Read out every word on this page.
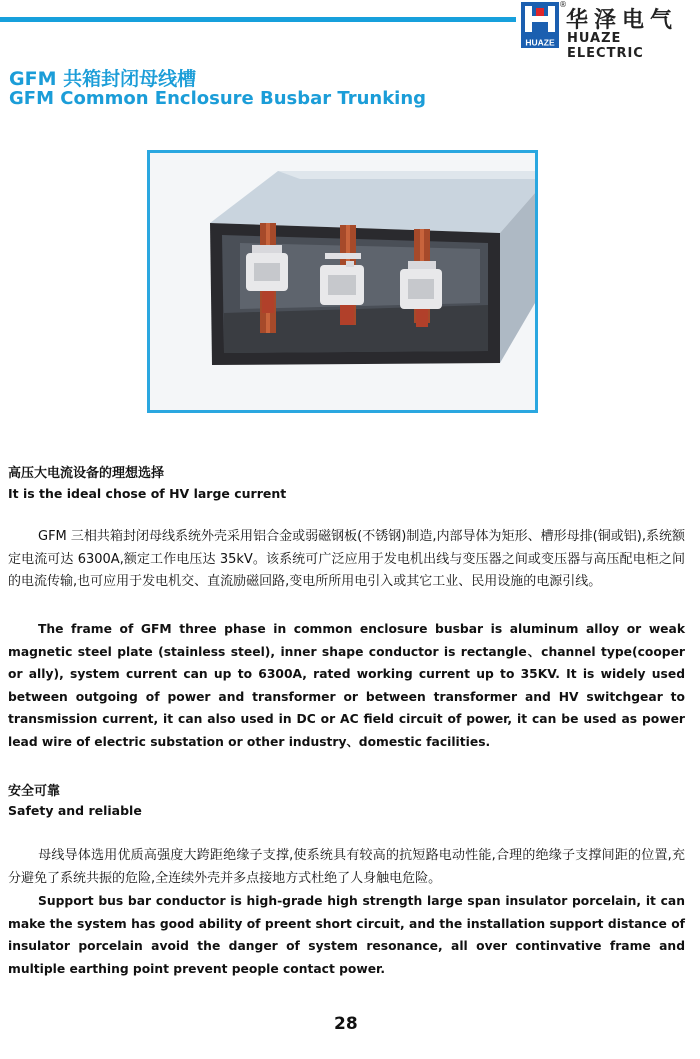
HUAZE
®
华泽电气
HUAZE ELECTRIC
GFM 共箱封闭母线槽
GFM Common Enclosure Busbar Trunking
高压大电流设备的理想选择
It is the ideal chose of HV large current

GFM 三相共箱封闭母线系统外壳采用铝合金或弱磁钢板(不锈钢)制造,内部导体为矩形、槽形母排(铜或铝),系统额定电流可达 6300A,额定工作电压达 35kV。该系统可广泛应用于发电机出线与变压器之间或变压器与高压配电柜之间的电流传输,也可应用于发电机交、直流励磁回路,变电所所用电引入或其它工业、民用设施的电源引线。

The frame of GFM three phase in common enclosure busbar is aluminum alloy or weak magnetic steel plate (stainless steel), inner shape conductor is rectangle、channel type(cooper or ally), system current can up to 6300A, rated working current up to 35KV. It is widely used between outgoing of power and transformer or between transformer and HV switchgear to transmission current, it can also used in DC or AC field circuit of power, it can be used as power lead wire of electric substation or other industry、domestic facilities.

安全可靠
Safety and reliable

母线导体选用优质高强度大跨距绝缘子支撑,使系统具有较高的抗短路电动性能,合理的绝缘子支撑间距的位置,充分避免了系统共振的危险,全连续外壳并多点接地方式杜绝了人身触电危险。

Support bus bar conductor is high-grade high strength large span insulator porcelain, it can make the system has good ability of preent short circuit, and the installation support distance of insulator porcelain avoid the danger of system resonance, all over continvative frame and multiple earthing point prevent people contact power.

28
